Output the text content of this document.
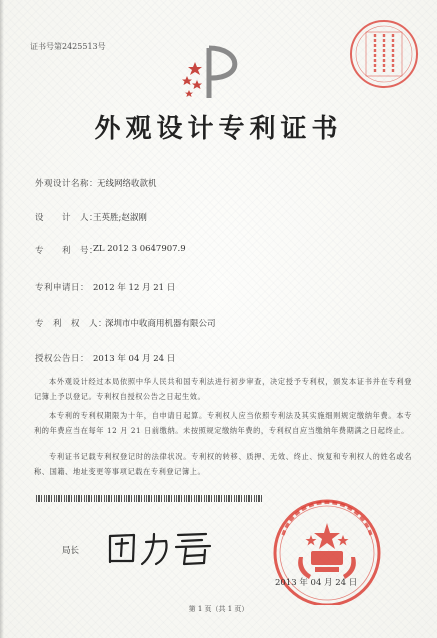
证书号第2425513号
外观设计专利证书
外观设计名称：
无线网络收款机
设　　计　人：
王英胜;赵淑刚
专　　利　号：
ZL 2012 3 0647907.9
专利申请日： 2012 年 12 月 21 日
专　利　权　人：
深圳市中收商用机器有限公司
授权公告日： 2013 年 04 月 24 日
本外观设计经过本局依照中华人民共和国专利法进行初步审查，决定授予专利权，颁发本证书并在专利登记簿上予以登记。专利权自授权公告之日起生效。
本专利的专利权期限为十年，自申请日起算。专利权人应当依照专利法及其实施细则规定缴纳年费。本专利的年费应当在每年 12 月 21 日前缴纳。未按照规定缴纳年费的，专利权自应当缴纳年费期满之日起终止。
专利证书记载专利权登记时的法律状况。专利权的转移、质押、无效、终止、恢复和专利权人的姓名或名称、国籍、地址变更等事项记载在专利登记簿上。
局长
2013 年 04 月 24 日
第 1 页（共 1 页）
